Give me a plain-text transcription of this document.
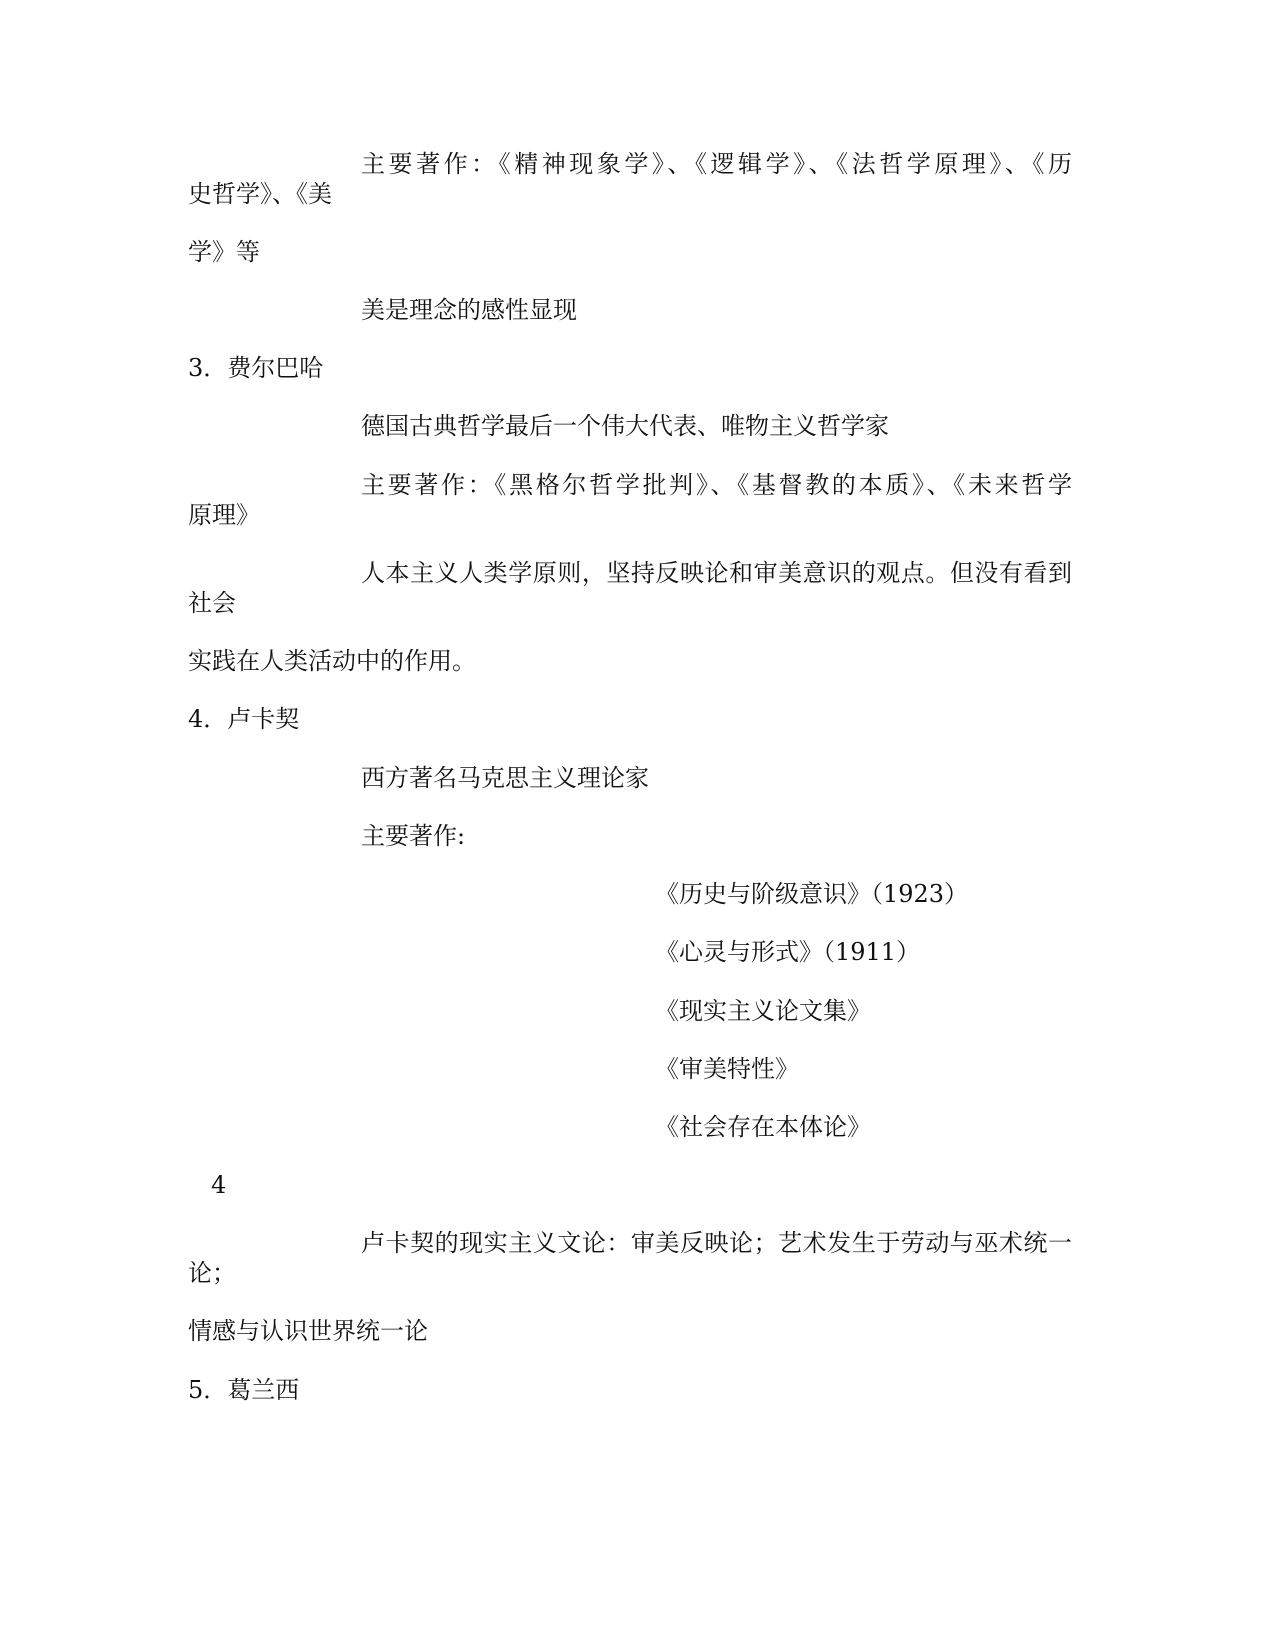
主要著作：《精神现象学》、《逻辑学》、《法哲学原理》、《历
史哲学》、《美
学》等
美是理念的感性显现
3．费尔巴哈
德国古典哲学最后一个伟大代表、唯物主义哲学家
主要著作：《黑格尔哲学批判》、《基督教的本质》、《未来哲学
原理》
人本主义人类学原则，坚持反映论和审美意识的观点。但没有看到
社会
实践在人类活动中的作用。
4．卢卡契
西方著名马克思主义理论家
主要著作:
《历史与阶级意识》（1923）
《心灵与形式》（1911）
《现实主义论文集》
《审美特性》
《社会存在本体论》
4
卢卡契的现实主义文论：审美反映论；艺术发生于劳动与巫术统一
论；
情感与认识世界统一论
5．葛兰西
